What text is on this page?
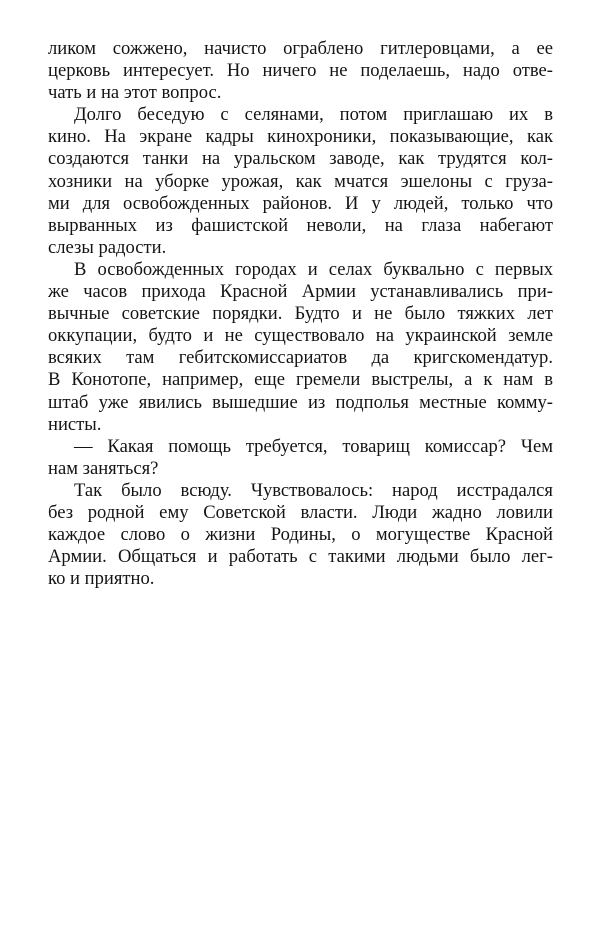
ликом сожжено, начисто ограблено гитлеровцами, а ее
церковь интересует. Но ничего не поделаешь, надо отве-
чать и на этот вопрос.
Долго беседую с селянами, потом приглашаю их в
кино. На экране кадры кинохроники, показывающие, как
создаются танки на уральском заводе, как трудятся кол-
хозники на уборке урожая, как мчатся эшелоны с груза-
ми для освобожденных районов. И у людей, только что
вырванных из фашистской неволи, на глаза набегают
слезы радости.
В освобожденных городах и селах буквально с первых
же часов прихода Красной Армии устанавливались при-
вычные советские порядки. Будто и не было тяжких лет
оккупации, будто и не существовало на украинской земле
всяких там гебитскомиссариатов да кригскомендатур.
В Конотопе, например, еще гремели выстрелы, а к нам в
штаб уже явились вышедшие из подполья местные комму-
нисты.
— Какая помощь требуется, товарищ комиссар? Чем
нам заняться?
Так было всюду. Чувствовалось: народ исстрадался
без родной ему Советской власти. Люди жадно ловили
каждое слово о жизни Родины, о могуществе Красной
Армии. Общаться и работать с такими людьми было лег-
ко и приятно.
